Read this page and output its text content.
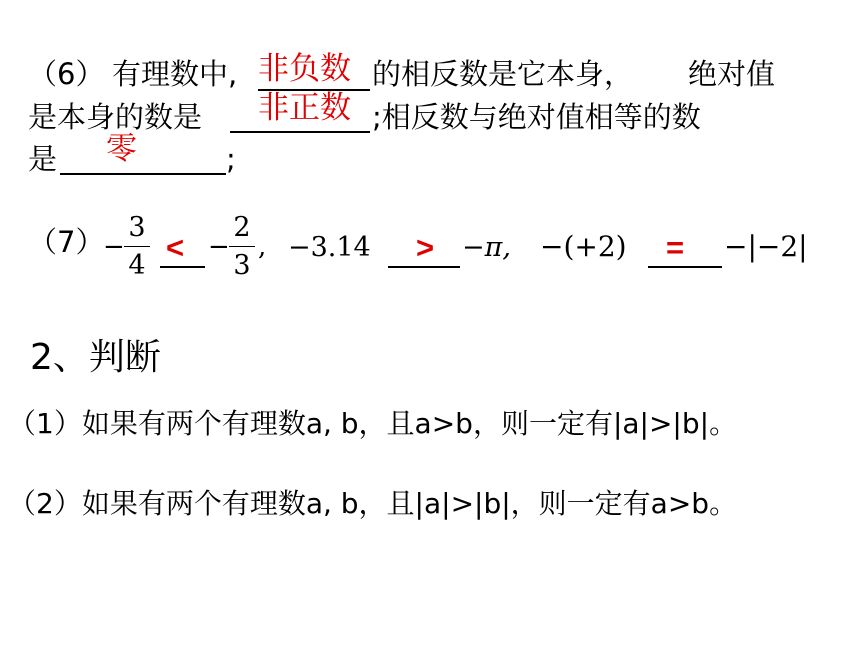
（6） 有理数中, 非负数 的相反数是它本身， 绝对值
是本身的数是 非正数 ;相反数与绝对值相等的数
是 零	;
（7）
−
3
4
< −
2
3
, −3.14 > −π, −(+2) = −|−2|
2、判断
（1）如果有两个有理数a, b，且a>b，则一定有|a|>|b|。
（2）如果有两个有理数a, b，且|a|>|b|，则一定有a>b。
